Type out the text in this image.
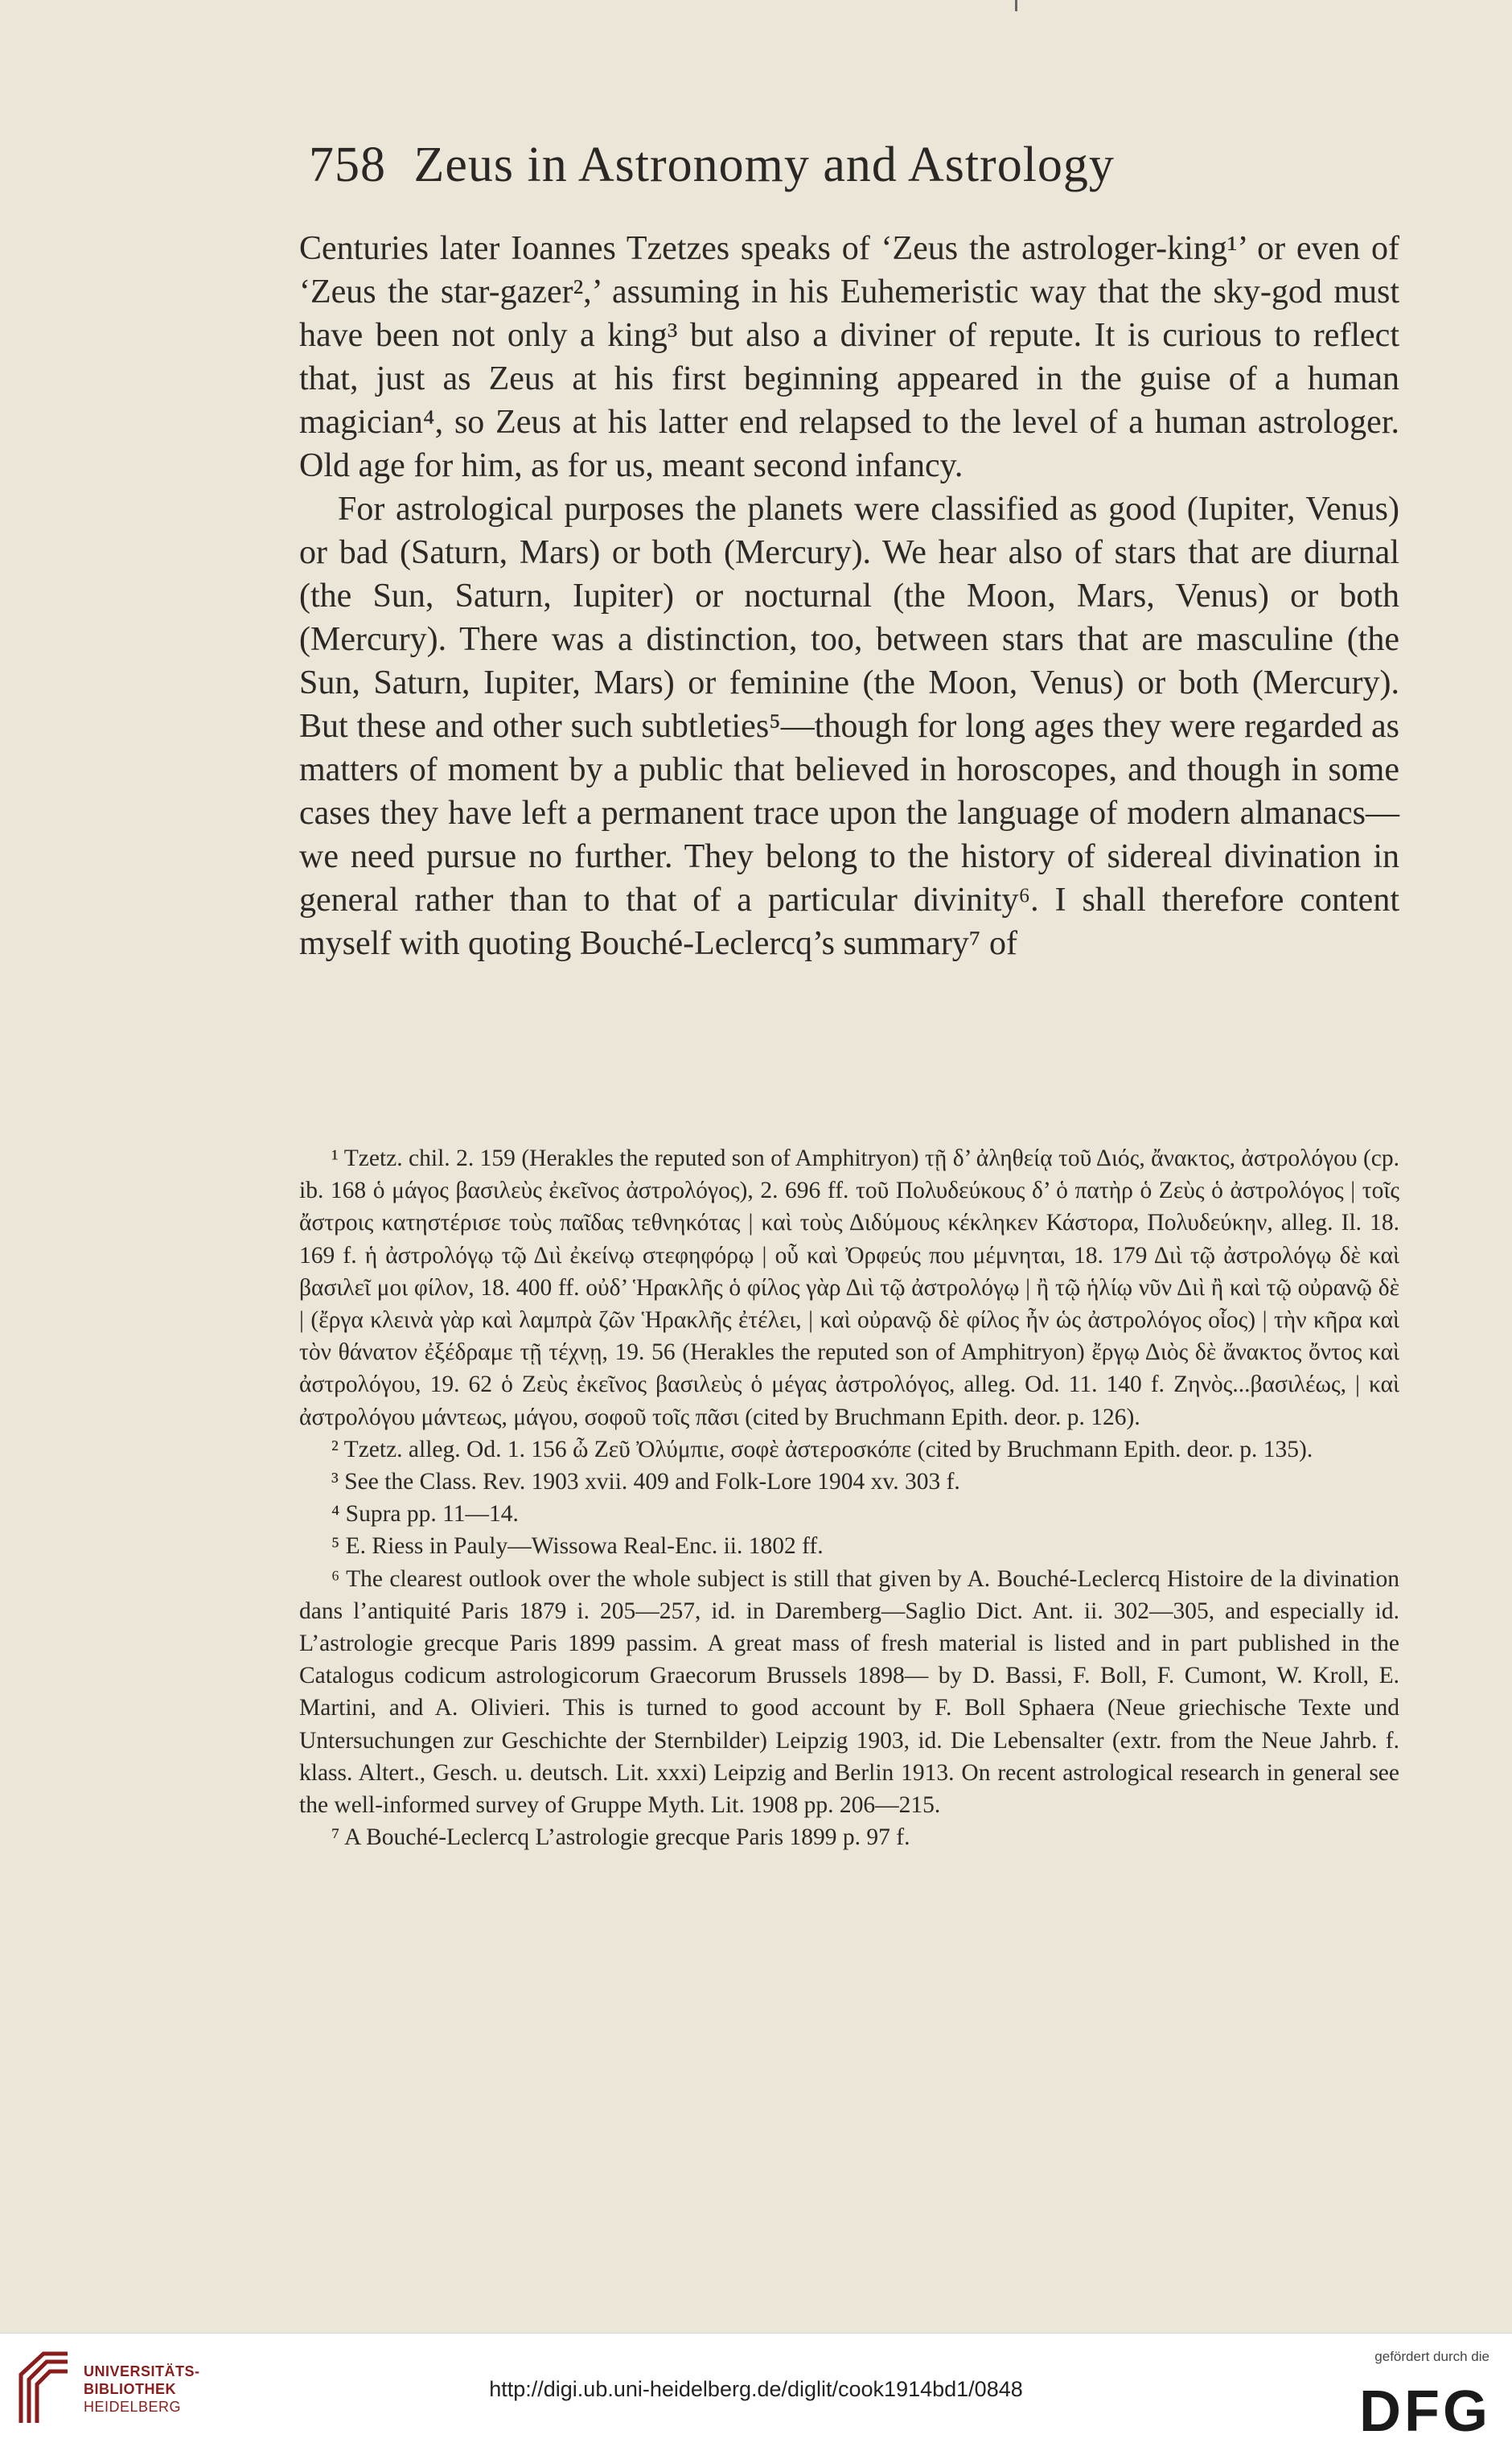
758 Zeus in Astronomy and Astrology

Centuries later Ioannes Tzetzes speaks of ‘Zeus the astrologer-king¹’ or even of ‘Zeus the star-gazer²,’ assuming in his Euhemeristic way that the sky-god must have been not only a king³ but also a diviner of repute. It is curious to reflect that, just as Zeus at his first beginning appeared in the guise of a human magician⁴, so Zeus at his latter end relapsed to the level of a human astrologer. Old age for him, as for us, meant second infancy.

For astrological purposes the planets were classified as good (Iupiter, Venus) or bad (Saturn, Mars) or both (Mercury). We hear also of stars that are diurnal (the Sun, Saturn, Iupiter) or nocturnal (the Moon, Mars, Venus) or both (Mercury). There was a distinction, too, between stars that are masculine (the Sun, Saturn, Iupiter, Mars) or feminine (the Moon, Venus) or both (Mercury). But these and other such subtleties⁵—though for long ages they were regarded as matters of moment by a public that believed in horoscopes, and though in some cases they have left a permanent trace upon the language of modern almanacs—we need pursue no further. They belong to the history of sidereal divination in general rather than to that of a particular divinity⁶. I shall therefore content myself with quoting Bouché-Leclercq’s summary⁷ of

¹ Tzetz. chil. 2. 159 (Herakles the reputed son of Amphitryon) τῇ δ’ ἀληθείᾳ τοῦ Διός, ἄνακτος, ἀστρολόγου (cp. ib. 168 ὁ μάγος βασιλεὺς ἐκεῖνος ἀστρολόγος), 2. 696 ff. τοῦ Πολυδεύκους δ’ ὁ πατὴρ ὁ Ζεὺς ὁ ἀστρολόγος | τοῖς ἄστροις κατηστέρισε τοὺς παῖδας τεθνηκότας | καὶ τοὺς Διδύμους κέκληκεν Κάστορα, Πολυδεύκην, alleg. Il. 18. 169 f. ἡ ἀστρολόγῳ τῷ Διὶ ἐκείνῳ στεφηφόρῳ | οὗ καὶ Ὀρφεύς που μέμνηται, 18. 179 Διὶ τῷ ἀστρολόγῳ δὲ καὶ βασιλεῖ μοι φίλον, 18. 400 ff. οὐδ’ Ἡρακλῆς ὁ φίλος γὰρ Διὶ τῷ ἀστρολόγῳ | ἢ τῷ ἡλίῳ νῦν Διὶ ἢ καὶ τῷ οὐρανῷ δὲ | (ἔργα κλεινὰ γὰρ καὶ λαμπρὰ ζῶν Ἡρακλῆς ἐτέλει, | καὶ οὐρανῷ δὲ φίλος ἦν ὡς ἀστρολόγος οἷος) | τὴν κῆρα καὶ τὸν θάνατον ἐξέδραμε τῇ τέχνῃ, 19. 56 (Herakles the reputed son of Amphitryon) ἔργῳ Διὸς δὲ ἄνακτος ὄντος καὶ ἀστρολόγου, 19. 62 ὁ Ζεὺς ἐκεῖνος βασιλεὺς ὁ μέγας ἀστρολόγος, alleg. Od. 11. 140 f. Ζηνὸς...βασιλέως, | καὶ ἀστρολόγου μάντεως, μάγου, σοφοῦ τοῖς πᾶσι (cited by Bruchmann Epith. deor. p. 126).

² Tzetz. alleg. Od. 1. 156 ὦ Ζεῦ Ὀλύμπιε, σοφὲ ἀστεροσκόπε (cited by Bruchmann Epith. deor. p. 135).

³ See the Class. Rev. 1903 xvii. 409 and Folk-Lore 1904 xv. 303 f.

⁴ Supra pp. 11—14.

⁵ E. Riess in Pauly—Wissowa Real-Enc. ii. 1802 ff.

⁶ The clearest outlook over the whole subject is still that given by A. Bouché-Leclercq Histoire de la divination dans l’antiquité Paris 1879 i. 205—257, id. in Daremberg—Saglio Dict. Ant. ii. 302—305, and especially id. L’astrologie grecque Paris 1899 passim. A great mass of fresh material is listed and in part published in the Catalogus codicum astrologicorum Graecorum Brussels 1898— by D. Bassi, F. Boll, F. Cumont, W. Kroll, E. Martini, and A. Olivieri. This is turned to good account by F. Boll Sphaera (Neue griechische Texte und Untersuchungen zur Geschichte der Sternbilder) Leipzig 1903, id. Die Lebensalter (extr. from the Neue Jahrb. f. klass. Altert., Gesch. u. deutsch. Lit. xxxi) Leipzig and Berlin 1913. On recent astrological research in general see the well-informed survey of Gruppe Myth. Lit. 1908 pp. 206—215.

⁷ A Bouché-Leclercq L’astrologie grecque Paris 1899 p. 97 f.

UNIVERSITÄTS-
BIBLIOTHEK
HEIDELBERG
http://digi.ub.uni-heidelberg.de/diglit/cook1914bd1/0848
gefördert durch die
DFG
